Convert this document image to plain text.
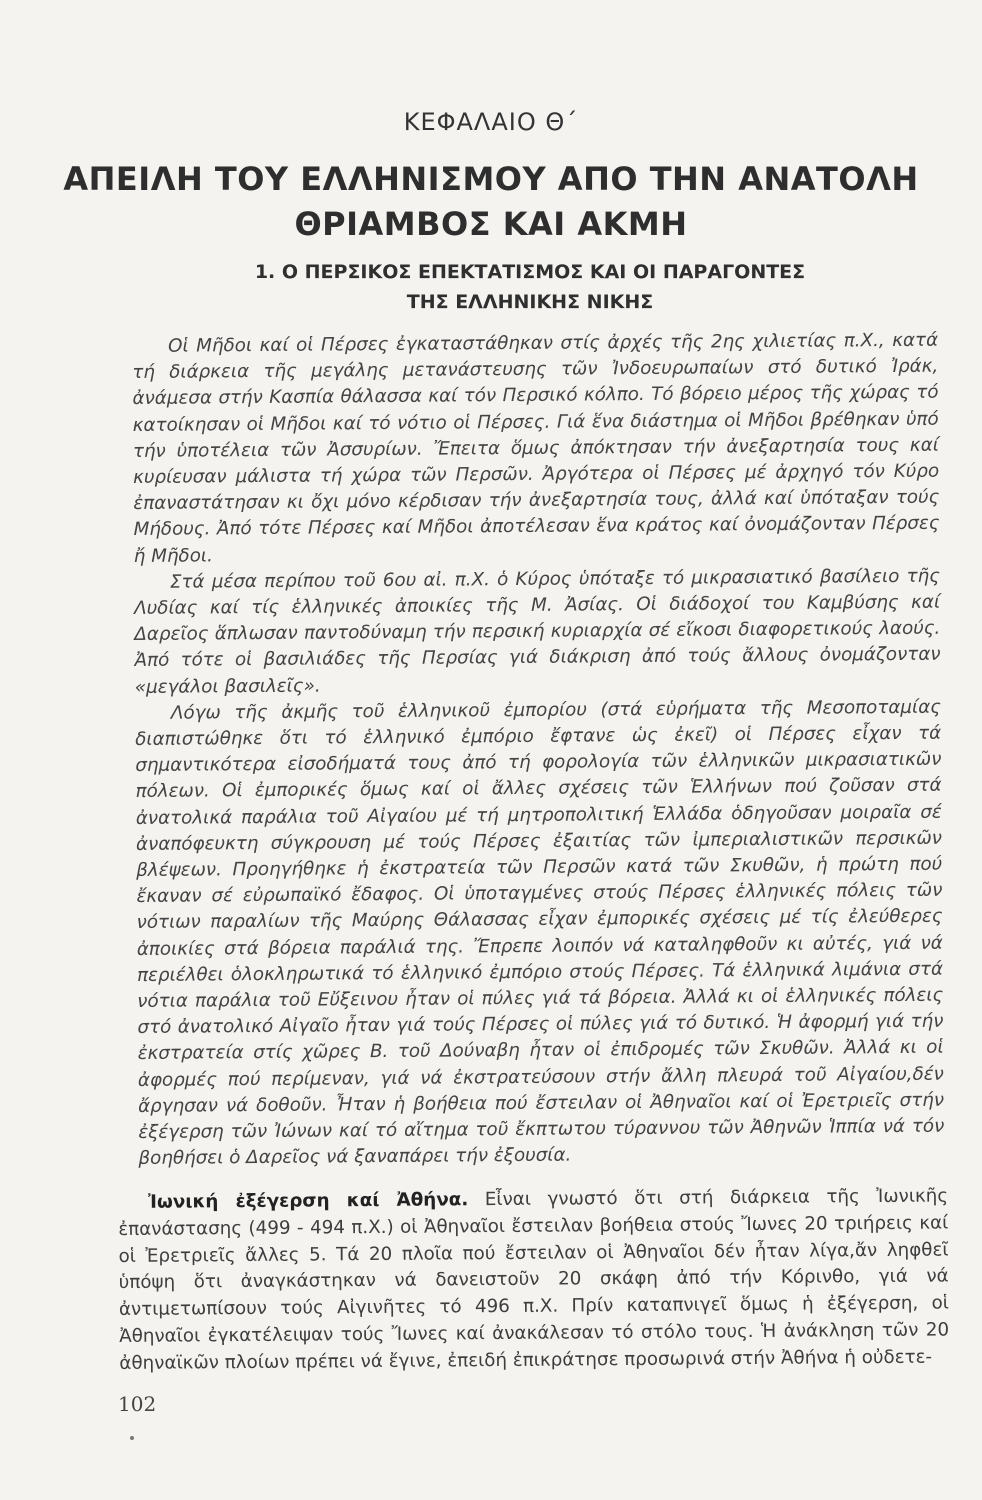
ΚΕΦΑΛΑΙΟ Θ΄
ΑΠΕΙΛΗ ΤΟΥ ΕΛΛΗΝΙΣΜΟΥ ΑΠΟ ΤΗΝ ΑΝΑΤΟΛΗ
ΘΡΙΑΜΒΟΣ ΚΑΙ ΑΚΜΗ
1. Ο ΠΕΡΣΙΚΟΣ ΕΠΕΚΤΑΤΙΣΜΟΣ ΚΑΙ ΟΙ ΠΑΡΑΓΟΝΤΕΣ
ΤΗΣ ΕΛΛΗΝΙΚΗΣ ΝΙΚΗΣ

Οἱ Μῆδοι καί οἱ Πέρσες ἐγκαταστάθηκαν στίς ἀρχές τῆς 2ης χιλιετίας π.Χ., κατά τή διάρκεια τῆς μεγάλης μετανάστευσης τῶν Ἰνδοευρωπαίων στό δυτικό Ἰράκ, ἀνάμεσα στήν Κασπία θάλασσα καί τόν Περσικό κόλπο. Τό βόρειο μέρος τῆς χώρας τό κατοίκησαν οἱ Μῆδοι καί τό νότιο οἱ Πέρσες. Γιά ἕνα διάστημα οἱ Μῆδοι βρέθηκαν ὑπό τήν ὑποτέλεια τῶν Ἀσσυρίων. Ἔπειτα ὅμως ἀπόκτησαν τήν ἀνεξαρτησία τους καί κυρίευσαν μάλιστα τή χώρα τῶν Περσῶν. Ἀργότερα οἱ Πέρσες μέ ἀρχηγό τόν Κύρο ἐπαναστάτησαν κι ὄχι μόνο κέρδισαν τήν ἀνεξαρτησία τους, ἀλλά καί ὑπόταξαν τούς Μήδους. Ἀπό τότε Πέρσες καί Μῆδοι ἀποτέλεσαν ἕνα κράτος καί ὀνομάζονταν Πέρσες ἤ Μῆδοι.

Στά μέσα περίπου τοῦ 6ου αἰ. π.Χ. ὁ Κύρος ὑπόταξε τό μικρασιατικό βασίλειο τῆς Λυδίας καί τίς ἑλληνικές ἀποικίες τῆς Μ. Ἀσίας. Οἱ διάδοχοί του Καμβύσης καί Δαρεῖος ἅπλωσαν παντοδύναμη τήν περσική κυριαρχία σέ εἴκοσι διαφορετικούς λαούς. Ἀπό τότε οἱ βασιλιάδες τῆς Περσίας γιά διάκριση ἀπό τούς ἄλλους ὀνομάζονταν «μεγάλοι βασιλεῖς».

Λόγω τῆς ἀκμῆς τοῦ ἑλληνικοῦ ἐμπορίου (στά εὑρήματα τῆς Μεσοποταμίας διαπιστώθηκε ὅτι τό ἑλληνικό ἐμπόριο ἔφτανε ὡς ἐκεῖ) οἱ Πέρσες εἶχαν τά σημαντικότερα εἰσοδήματά τους ἀπό τή φορολογία τῶν ἑλληνικῶν μικρασιατικῶν πόλεων. Οἱ ἐμπορικές ὅμως καί οἱ ἄλλες σχέσεις τῶν Ἑλλήνων πού ζοῦσαν στά ἀνατολικά παράλια τοῦ Αἰγαίου μέ τή μητροπολιτική Ἑλλάδα ὁδηγοῦσαν μοιραῖα σέ ἀναπόφευκτη σύγκρουση μέ τούς Πέρσες ἐξαιτίας τῶν ἰμπεριαλιστικῶν περσικῶν βλέψεων. Προηγήθηκε ἡ ἐκστρατεία τῶν Περσῶν κατά τῶν Σκυθῶν, ἡ πρώτη πού ἔκαναν σέ εὐρωπαϊκό ἔδαφος. Οἱ ὑποταγμένες στούς Πέρσες ἑλληνικές πόλεις τῶν νότιων παραλίων τῆς Μαύρης Θάλασσας εἶχαν ἐμπορικές σχέσεις μέ τίς ἐλεύθερες ἀποικίες στά βόρεια παράλιά της. Ἔπρεπε λοιπόν νά καταληφθοῦν κι αὐτές, γιά νά περιέλθει ὁλοκληρωτικά τό ἑλληνικό ἐμπόριο στούς Πέρσες. Τά ἑλληνικά λιμάνια στά νότια παράλια τοῦ Εὔξεινου ἦταν οἱ πύλες γιά τά βόρεια. Ἀλλά κι οἱ ἑλληνικές πόλεις στό ἀνατολικό Αἰγαῖο ἦταν γιά τούς Πέρσες οἱ πύλες γιά τό δυτικό. Ἡ ἀφορμή γιά τήν ἐκστρατεία στίς χῶρες Β. τοῦ Δούναβη ἦταν οἱ ἐπιδρομές τῶν Σκυθῶν. Ἀλλά κι οἱ ἀφορμές πού περίμεναν, γιά νά ἐκστρατεύσουν στήν ἄλλη πλευρά τοῦ Αἰγαίου,δέν ἄργησαν νά δοθοῦν. Ἦταν ἡ βοήθεια πού ἔστειλαν οἱ Ἀθηναῖοι καί οἱ Ἐρετριεῖς στήν ἐξέγερση τῶν Ἰώνων καί τό αἴτημα τοῦ ἔκπτωτου τύραννου τῶν Ἀθηνῶν Ἱππία νά τόν βοηθήσει ὁ Δαρεῖος νά ξαναπάρει τήν ἐξουσία.

Ἰωνική ἐξέγερση καί Ἀθήνα. Εἶναι γνωστό ὅτι στή διάρκεια τῆς Ἰωνικῆς ἐπανάστασης (499 - 494 π.Χ.) οἱ Ἀθηναῖοι ἔστειλαν βοήθεια στούς Ἴωνες 20 τριήρεις καί οἱ Ἐρετριεῖς ἄλλες 5. Τά 20 πλοῖα πού ἔστειλαν οἱ Ἀθηναῖοι δέν ἦταν λίγα,ἄν ληφθεῖ ὑπόψη ὅτι ἀναγκάστηκαν νά δανειστοῦν 20 σκάφη ἀπό τήν Κόρινθο, γιά νά ἀντιμετωπίσουν τούς Αἰγινῆτες τό 496 π.Χ. Πρίν καταπνιγεῖ ὅμως ἡ ἐξέγερση, οἱ Ἀθηναῖοι ἐγκατέλειψαν τούς Ἴωνες καί ἀνακάλεσαν τό στόλο τους. Ἡ ἀνάκληση τῶν 20 ἀθηναϊκῶν πλοίων πρέπει νά ἔγινε, ἐπειδή ἐπικράτησε προσωρινά στήν Ἀθήνα ἡ οὐδετε-
102
